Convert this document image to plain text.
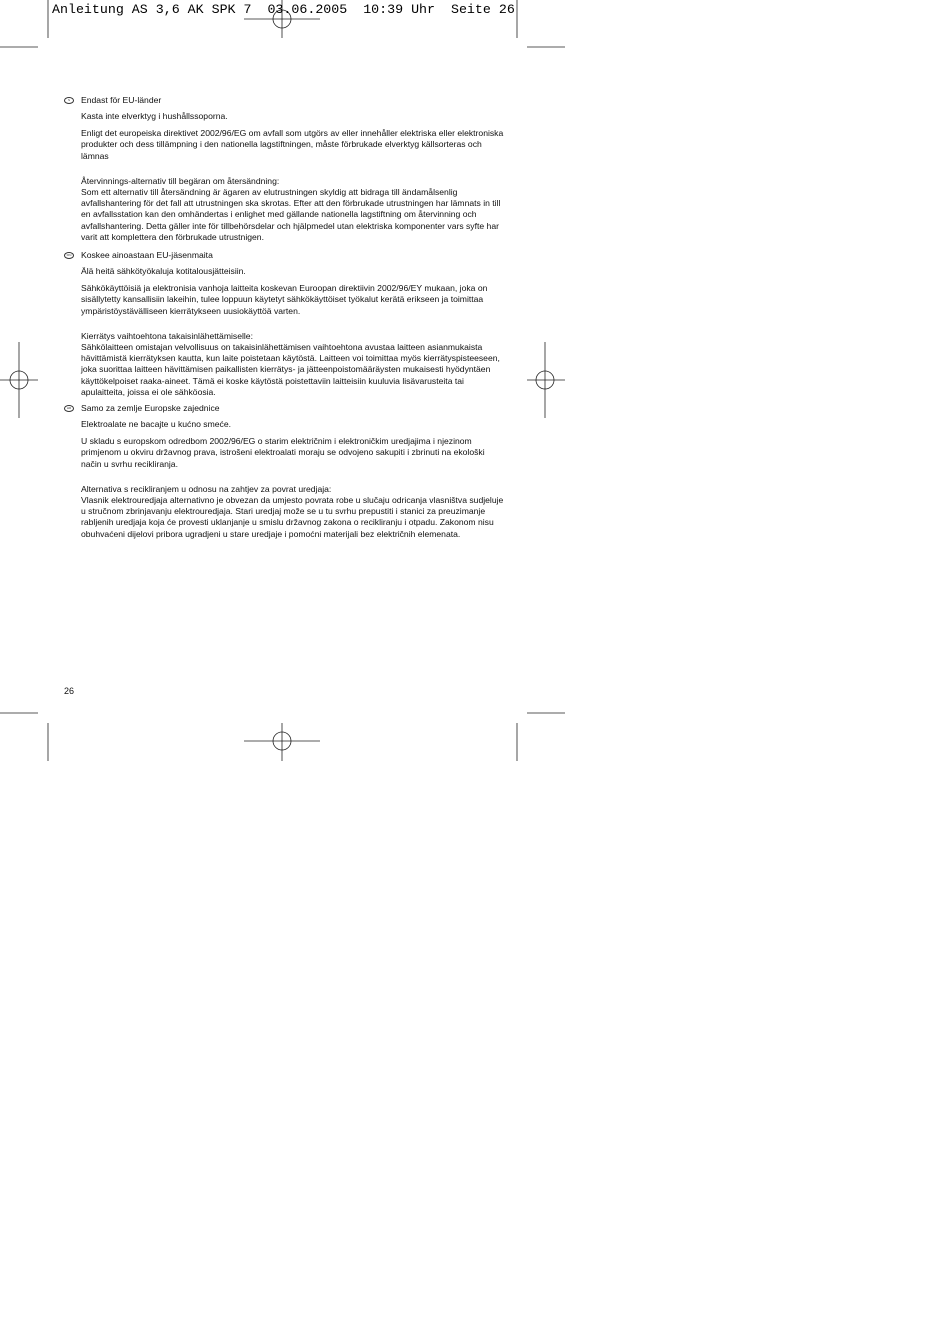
Anleitung AS 3,6 AK SPK 7  03.06.2005  10:39 Uhr  Seite 26
S	Endast för EU-länder

Kasta inte elverktyg i hushållssoporna.

Enligt det europeiska direktivet 2002/96/EG om avfall som utgörs av eller innehåller elektriska eller elektroniska produkter och dess tillämpning i den nationella lagstiftningen, måste förbrukade elverktyg källsorteras och lämnas

Återvinnings-alternativ till begäran om återsändning:

Som ett alternativ till återsändning är ägaren av elutrustningen skyldig att bidraga till ändamålsenlig avfallshantering för det fall att utrustningen ska skrotas. Efter att den förbrukade utrustningen har lämnats in till en avfallsstation kan den omhändertas i enlighet med gällande nationella lagstiftning om återvinning och avfallshantering. Detta gäller inte för tillbehörsdelar och hjälpmedel utan elektriska komponenter vars syfte har varit att komplettera den förbrukade utrustnigen.

FIN Koskee ainoastaan EU-jäsenmaita

Älä heitä sähkötyökaluja kotitalousjätteisiin.

Sähkökäyttöisiä ja elektronisia vanhoja laitteita koskevan Euroopan direktiivin 2002/96/EY mukaan, joka on sisällytetty kansallisiin lakeihin, tulee loppuun käytetyt sähkökäyttöiset työkalut kerätä erikseen ja toimittaa ympäristöystävälliseen kierrätykseen uusiokäyttöä varten.

Kierrätys vaihtoehtona takaisinlähettämiselle:

Sähkölaitteen omistajan velvollisuus on takaisinlähettämisen vaihtoehtona avustaa laitteen asianmukaista hävittämistä kierrätyksen kautta, kun laite poistetaan käytöstä. Laitteen voi toimittaa myös kierrätyspisteeseen, joka suorittaa laitteen hävittämisen paikallisten kierrätys- ja jätteenpoistomääräysten mukaisesti hyödyntäen käyttökelpoiset raaka-aineet. Tämä ei koske käytöstä poistettaviin laitteisiin kuuluvia lisävarusteita tai apulaitteita, joissa ei ole sähköosia.

HR	Samo za zemlje Europske zajednice

Elektroalate ne bacajte u kućno smeće.

U skladu s europskom odredbom 2002/96/EG o starim električnim i elektroničkim uredjajima i njezinom primjenom u okviru državnog prava, istrošeni elektroalati moraju se odvojeno sakupiti i zbrinuti na ekološki način u svrhu recikliranja.

Alternativa s recikliranjem u odnosu na zahtjev za povrat uredjaja:

Vlasnik elektrouredjaja alternativno je obvezan da umjesto povrata robe u slučaju odricanja vlasništva sudjeluje u stručnom zbrinjavanju elektrouredjaja. Stari uredjaj može se u tu svrhu prepustiti i stanici za preuzimanje rabljenih uredjaja koja će provesti uklanjanje u smislu državnog zakona o recikliranju i otpadu. Zakonom nisu obuhvaćeni dijelovi pribora ugradjeni u stare uredjaje i pomoćni materijali bez električnih elemenata.

26
